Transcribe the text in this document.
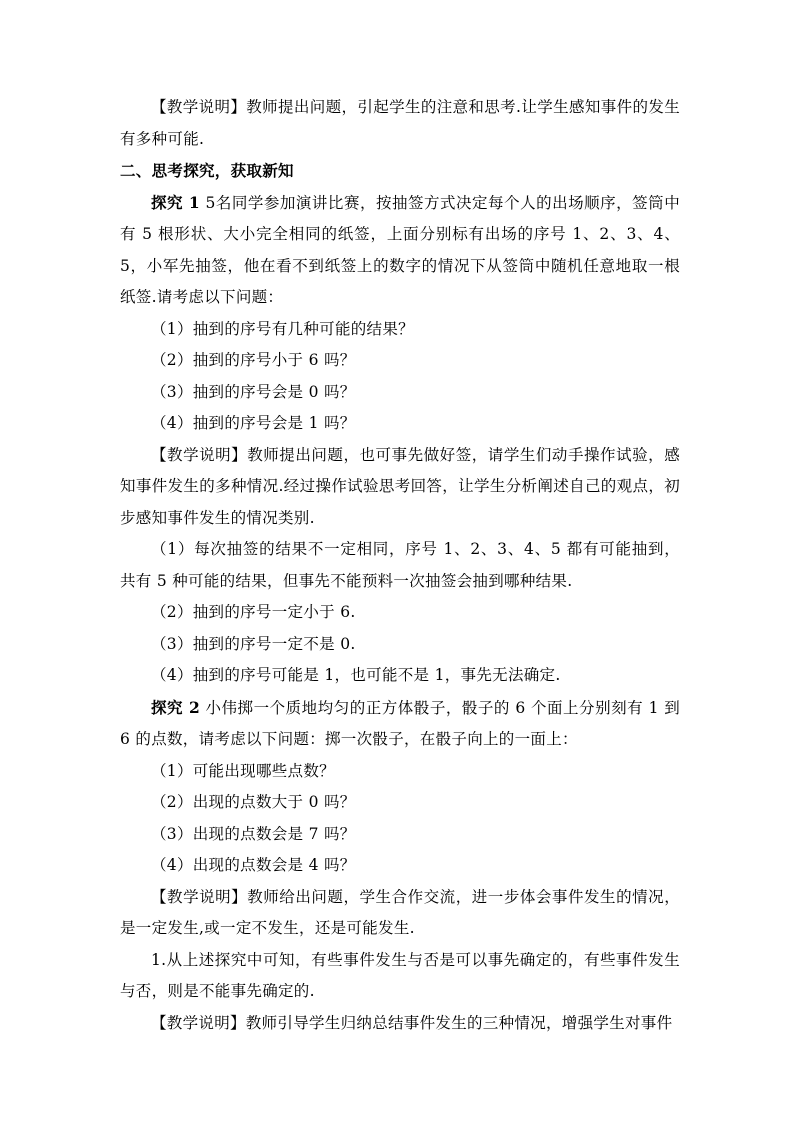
【教学说明】教师提出问题，引起学生的注意和思考.让学生感知事件的发生有多种可能.

二、思考探究，获取新知

探究 1 5名同学参加演讲比赛，按抽签方式决定每个人的出场顺序，签筒中有 5 根形状、大小完全相同的纸签，上面分别标有出场的序号 1、2、3、4、5，小军先抽签，他在看不到纸签上的数字的情况下从签筒中随机任意地取一根纸签.请考虑以下问题：

（1）抽到的序号有几种可能的结果？

（2）抽到的序号小于 6 吗？

（3）抽到的序号会是 0 吗？

（4）抽到的序号会是 1 吗？

【教学说明】教师提出问题，也可事先做好签，请学生们动手操作试验，感知事件发生的多种情况.经过操作试验思考回答，让学生分析阐述自己的观点，初步感知事件发生的情况类别.

（1）每次抽签的结果不一定相同，序号 1、2、3、4、5 都有可能抽到，共有 5 种可能的结果，但事先不能预料一次抽签会抽到哪种结果.

（2）抽到的序号一定小于 6.

（3）抽到的序号一定不是 0.

（4）抽到的序号可能是 1，也可能不是 1，事先无法确定.

探究 2 小伟掷一个质地均匀的正方体骰子，骰子的 6 个面上分别刻有 1 到 6 的点数，请考虑以下问题：掷一次骰子，在骰子向上的一面上：

（1）可能出现哪些点数？

（2）出现的点数大于 0 吗？

（3）出现的点数会是 7 吗？

（4）出现的点数会是 4 吗？

【教学说明】教师给出问题，学生合作交流，进一步体会事件发生的情况，是一定发生,或一定不发生，还是可能发生.

1.从上述探究中可知，有些事件发生与否是可以事先确定的，有些事件发生与否，则是不能事先确定的.

【教学说明】教师引导学生归纳总结事件发生的三种情况，增强学生对事件
